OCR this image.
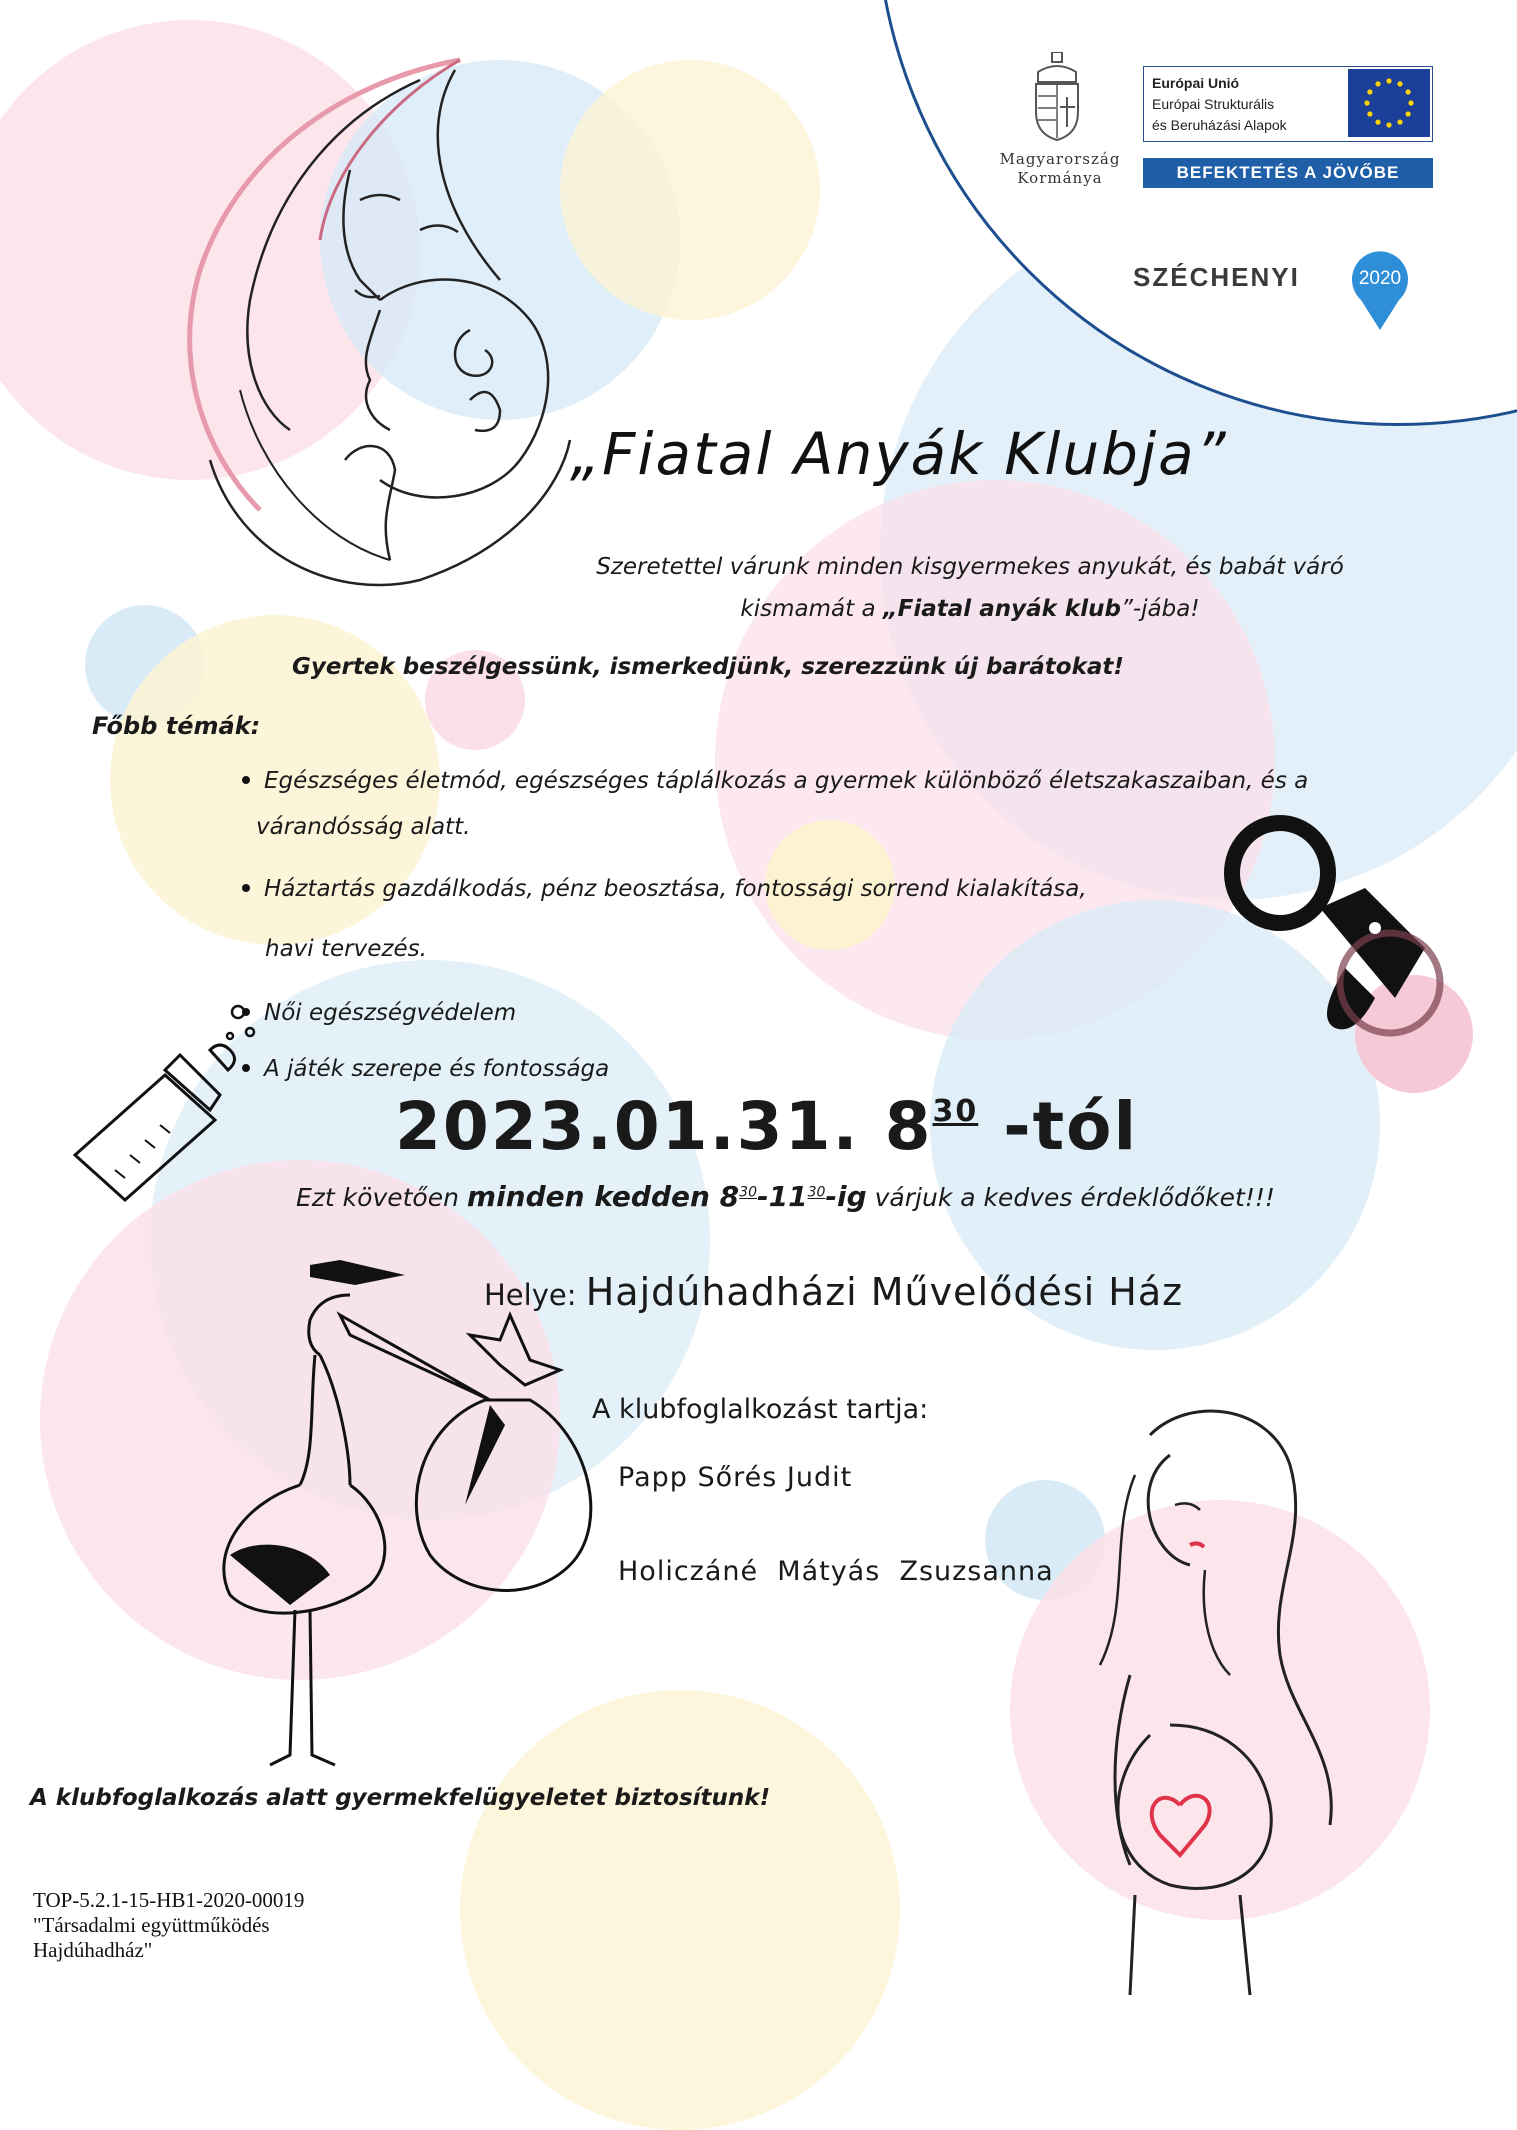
Magyarország
Kormánya
Európai Unió
Európai Strukturális
és Beruházási Alapok
BEFEKTETÉS A JÖVŐBE
SZÉCHENYI	2020
„Fiatal Anyák Klubja”
Szeretettel várunk minden kisgyermekes anyukát, és babát váró
kismamát a „Fiatal anyák klub”-jába!
Gyertek beszélgessünk, ismerkedjünk, szerezzünk új barátokat!
Főbb témák:
Egészséges életmód, egészséges táplálkozás a gyermek különböző életszakaszaiban, és a
várandósság alatt.
Háztartás gazdálkodás, pénz beosztása, fontossági sorrend kialakítása,
havi tervezés.
Női egészségvédelem
A játék szerepe és fontossága
2023.01.31. $8^{30}$ -tól
Ezt követően minden kedden $8^{30}-11^{30}-ig$ várjuk a kedves érdeklődőket!!!
Helye: Hajdúhadházi Művelődési Ház
A klubfoglalkozást tartja:
Papp Sőrés Judit
Holiczáné  Mátyás  Zsuzsanna
A klubfoglalkozás alatt gyermekfelügyeletet biztosítunk!
TOP-5.2.1-15-HB1-2020-00019
"Társadalmi együttműködés
Hajdúhadház"
